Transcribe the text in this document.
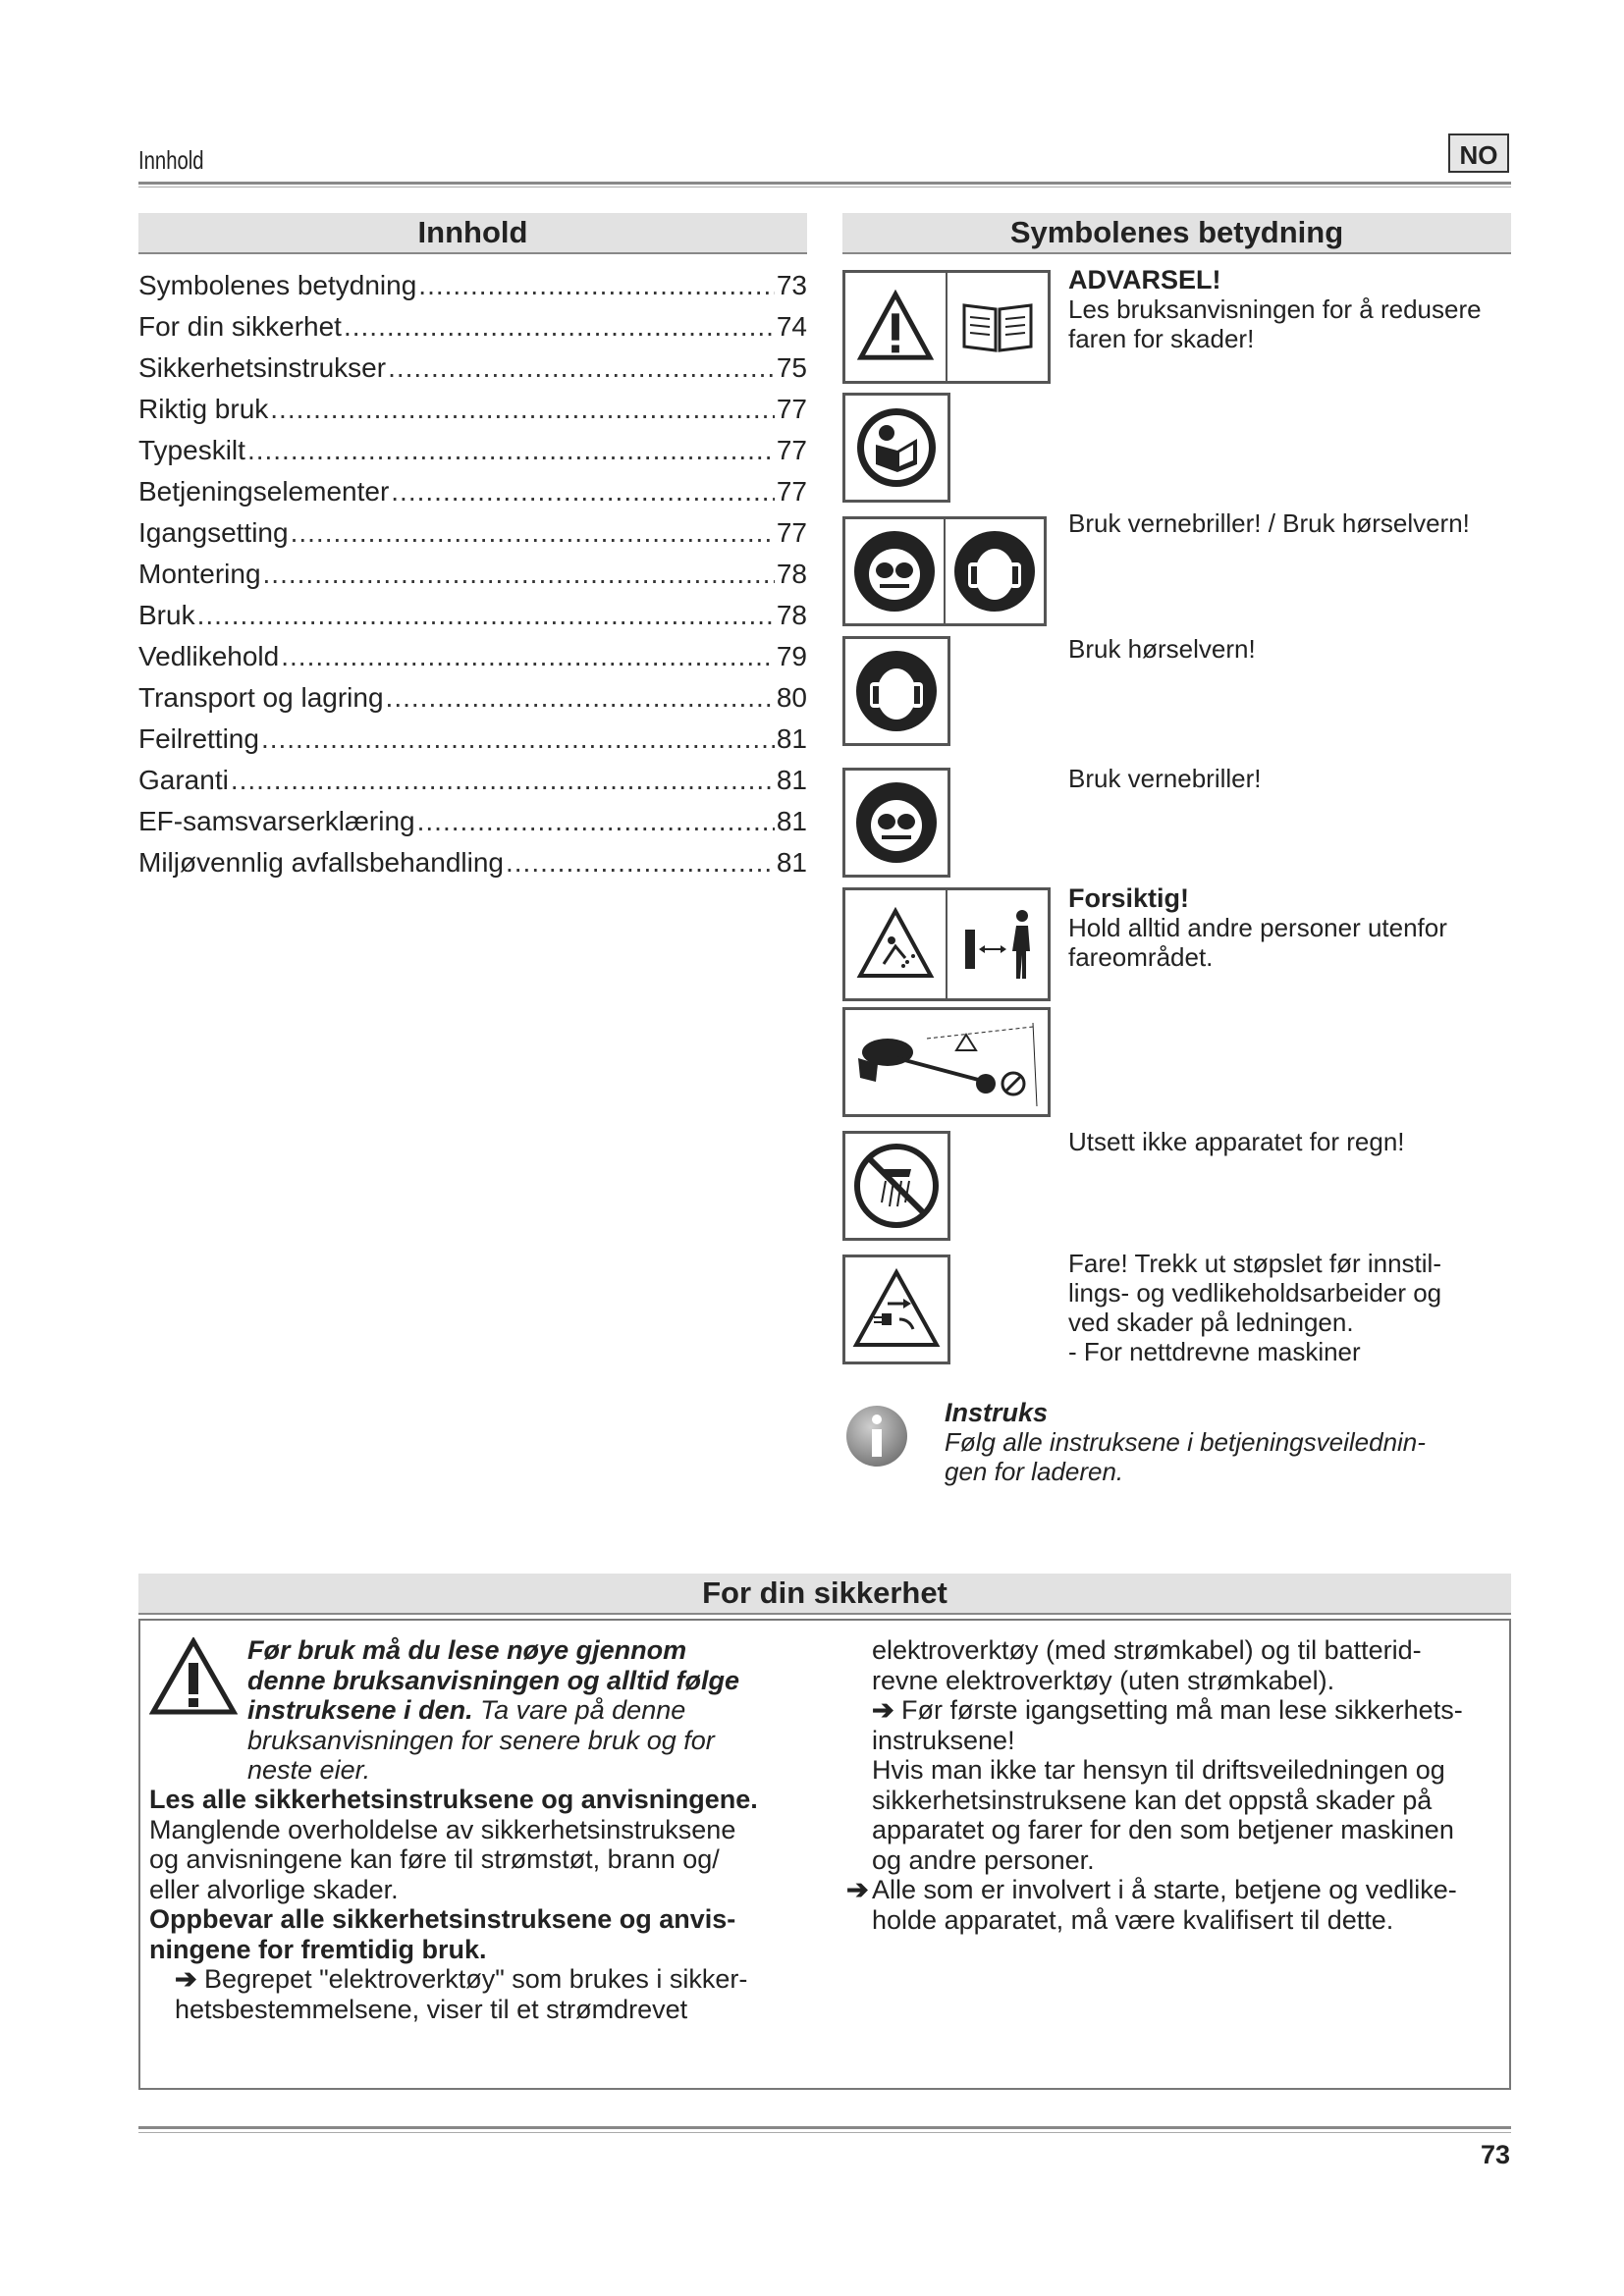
Innhold	NO
Innhold
Symbolenes betydning .....	73
For din sikkerhet .....	74
Sikkerhetsinstrukser .....	75
Riktig bruk .....	77
Typeskilt .....	77
Betjeningselementer .....	77
Igangsetting .....	77
Montering .....	78
Bruk .....	78
Vedlikehold .....	79
Transport og lagring .....	80
Feilretting .....	81
Garanti .....	81
EF-samsvarserklæring .....	81
Miljøvennlig avfallsbehandling .....	81
Symbolenes betydning
ADVARSEL!
Les bruksanvisningen for å redusere faren for skader!
Bruk vernebriller! / Bruk hørselvern!
Bruk hørselvern!
Bruk vernebriller!
Forsiktig!
Hold alltid andre personer utenfor
fareområdet.
Utsett ikke apparatet for regn!
Fare! Trekk ut støpslet før innstil-
lings- og vedlikeholdsarbeider og
ved skader på ledningen.
- For nettdrevne maskiner
Instruks
Følg alle instruksene i betjeningsveilednin-
gen for laderen.
For din sikkerhet
Før bruk må du lese nøye gjennom
denne bruksanvisningen og alltid følge
instruksene i den. Ta vare på denne
bruksanvisningen for senere bruk og for
neste eier.
Les alle sikkerhetsinstruksene og anvisningene.
Manglende overholdelse av sikkerhetsinstruksene
og anvisningene kan føre til strømstøt, brann og/
eller alvorlige skader.
Oppbevar alle sikkerhetsinstruksene og anvis-
ningene for fremtidig bruk.
➔ Begrepet "elektroverktøy" som brukes i sikker-
hetsbestemmelsene, viser til et strømdrevet
elektroverktøy (med strømkabel) og til batterid-
revne elektroverktøy (uten strømkabel).
➔ Før første igangsetting må man lese sikkerhets-
instruksene!
Hvis man ikke tar hensyn til driftsveiledningen og
sikkerhetsinstruksene kan det oppstå skader på
apparatet og farer for den som betjener maskinen
og andre personer.
➔ Alle som er involvert i å starte, betjene og vedlike-
holde apparatet, må være kvalifisert til dette.
73
